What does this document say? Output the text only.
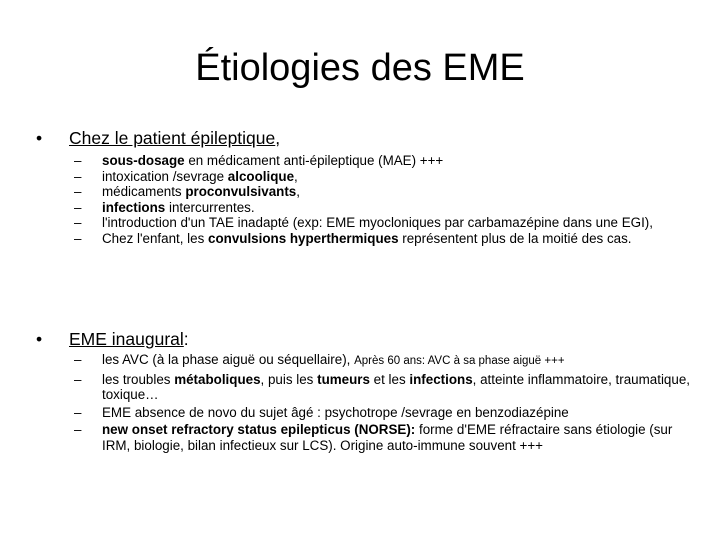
Étiologies des EME
• Chez le patient épileptique,
– sous-dosage en médicament anti-épileptique (MAE) +++
– intoxication /sevrage alcoolique,
– médicaments proconvulsivants,
– infections intercurrentes.
– l'introduction d'un TAE inadapté (exp: EME myocloniques par carbamazépine dans une EGI),
– Chez l'enfant, les convulsions hyperthermiques représentent plus de la moitié des cas.
• EME inaugural:
– les AVC (à la phase aiguë ou séquellaire), Après 60 ans: AVC à sa phase aiguë +++
– les troubles métaboliques, puis les tumeurs et les infections, atteinte inflammatoire, traumatique, toxique…
– EME absence de novo du sujet âgé : psychotrope /sevrage en benzodiazépine
– new onset refractory status epilepticus (NORSE): forme d'EME réfractaire sans étiologie (sur IRM, biologie, bilan infectieux sur LCS). Origine auto-immune souvent +++
